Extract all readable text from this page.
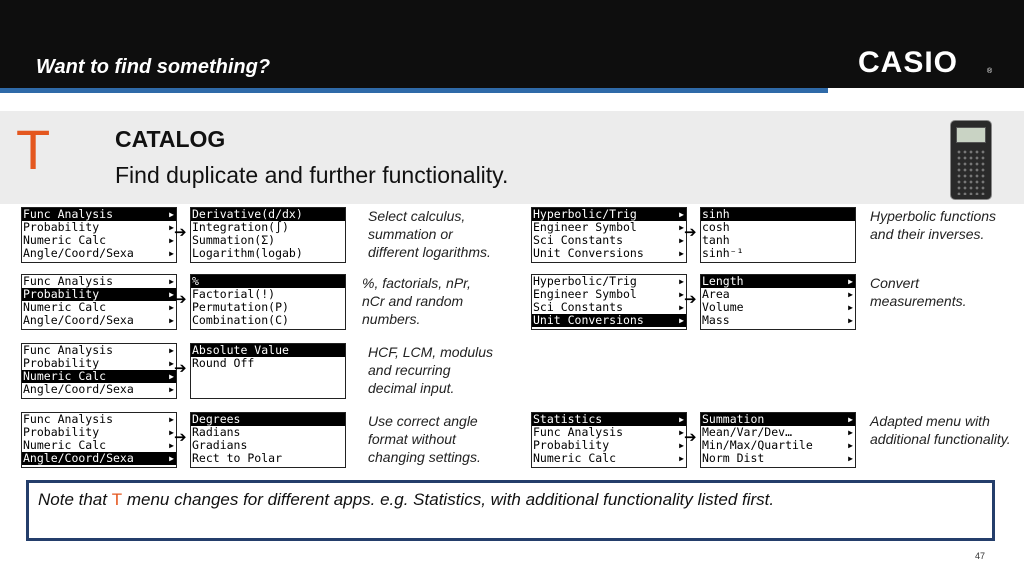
Want to find something?	CASIO	®
T	CATALOG
Find duplicate and further functionality.
Func Analysis	▶
Probability	▶
Numeric Calc	▶
Angle/Coord/Sexa	▶
➔
Derivative(d/dx)
Integration(∫)
Summation(Σ)
Logarithm(logab)
Select calculus,
summation or
different logarithms.
Hyperbolic/Trig	▶
Engineer Symbol	▶
Sci Constants	▶
Unit Conversions	▶
➔
sinh
cosh
tanh
sinh⁻¹
Hyperbolic functions
and their inverses.
Func Analysis	▶
Probability	▶
Numeric Calc	▶
Angle/Coord/Sexa	▶
➔
%
Factorial(!)
Permutation(P)
Combination(C)
%, factorials, nPr,
nCr and random
numbers.
Hyperbolic/Trig	▶
Engineer Symbol	▶
Sci Constants	▶
Unit Conversions	▶
➔
Length	▶
Area	▶
Volume	▶
Mass	▶
Convert
measurements.
Func Analysis	▶
Probability	▶
Numeric Calc	▶
Angle/Coord/Sexa	▶
➔
Absolute Value
Round Off
HCF, LCM, modulus
and recurring
decimal input.
Func Analysis	▶
Probability	▶
Numeric Calc	▶
Angle/Coord/Sexa	▶
➔
Degrees
Radians
Gradians
Rect to Polar
Use correct angle
format without
changing settings.
Statistics	▶
Func Analysis	▶
Probability	▶
Numeric Calc	▶
➔
Summation	▶
Mean/Var/Dev…	▶
Min/Max/Quartile	▶
Norm Dist	▶
Adapted menu with
additional functionality.
Note that T menu changes for different apps. e.g. Statistics, with additional functionality listed first.
47
